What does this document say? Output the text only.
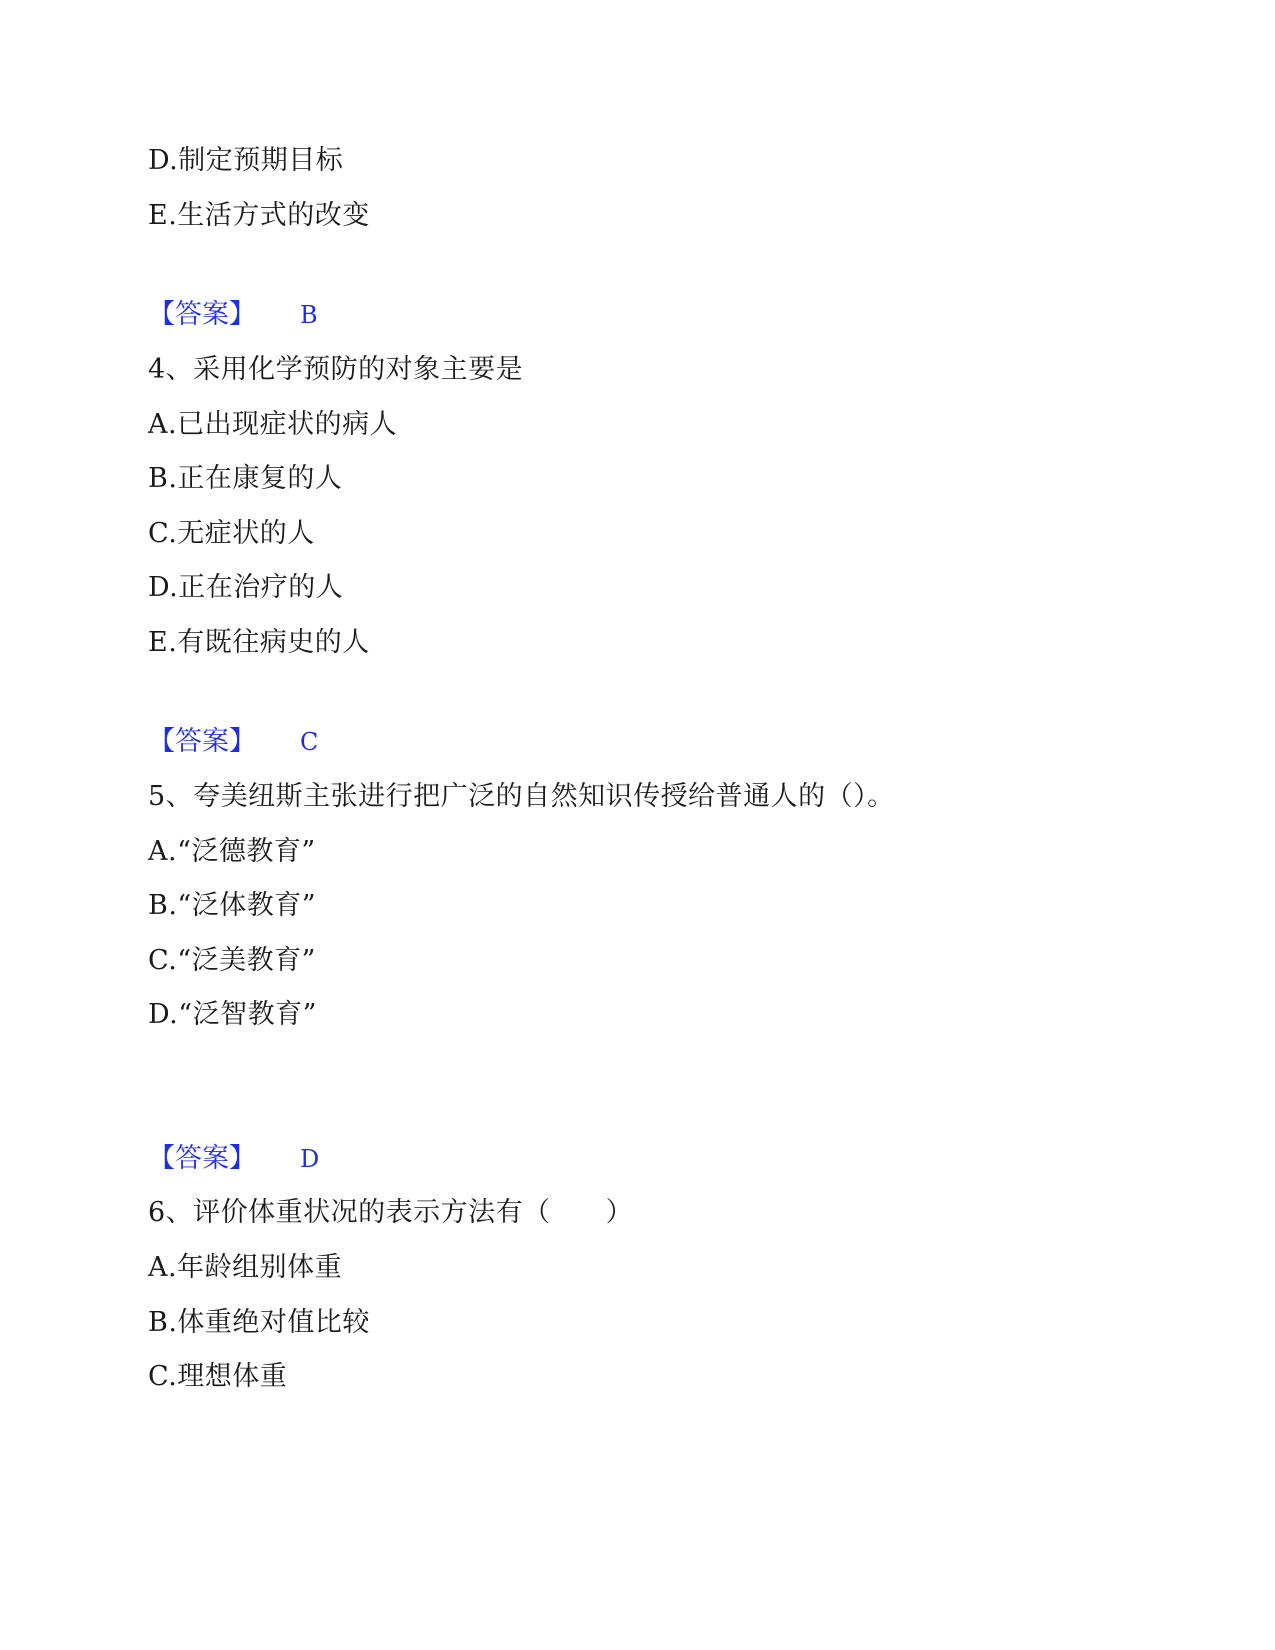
D.制定预期目标
E.生活方式的改变
【答案】 B
4、采用化学预防的对象主要是
A.已出现症状的病人
B.正在康复的人
C.无症状的人
D.正在治疗的人
E.有既往病史的人
【答案】 C
5、夸美纽斯主张进行把广泛的自然知识传授给普通人的（）。
A.“泛德教育”
B.“泛体教育”
C.“泛美教育”
D.“泛智教育”
【答案】 D
6、评价体重状况的表示方法有（　　）
A.年龄组别体重
B.体重绝对值比较
C.理想体重
